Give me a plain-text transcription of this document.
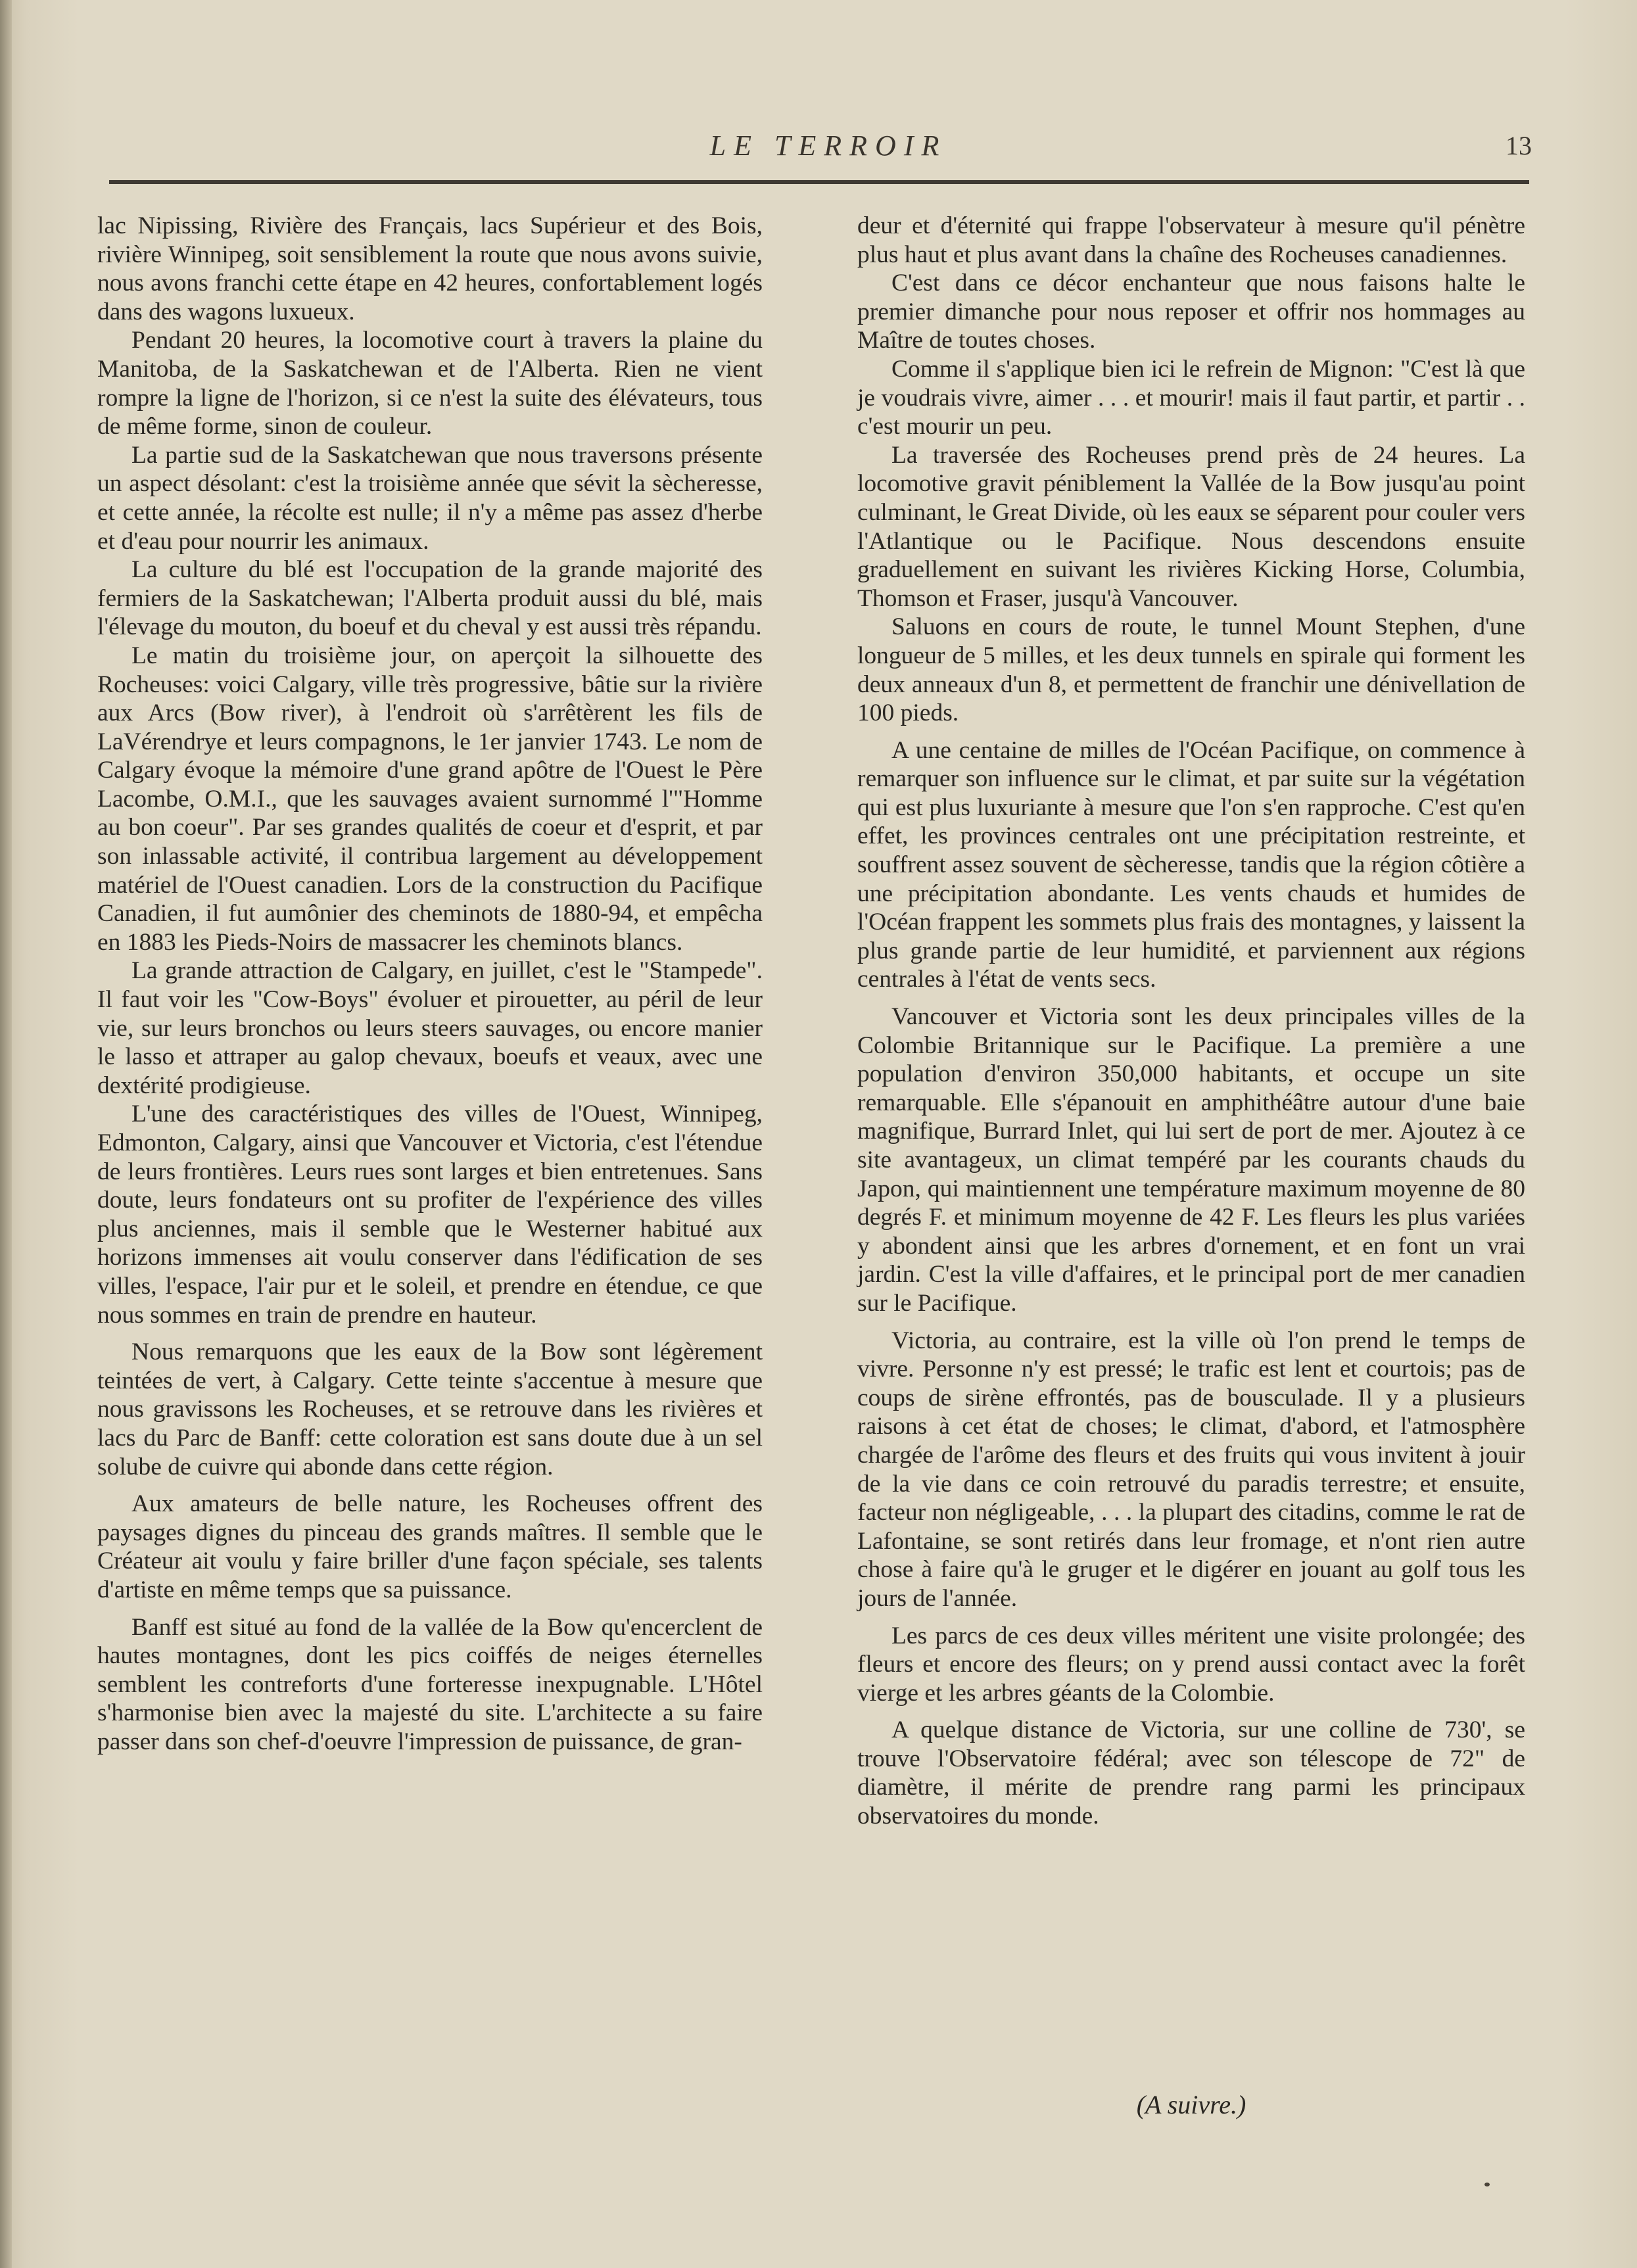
LE TERROIR	13

lac Nipissing, Rivière des Français, lacs Supérieur et des Bois, rivière Winnipeg, soit sensiblement la route que nous avons suivie, nous avons franchi cette étape en 42 heures, confortablement logés dans des wagons luxueux.

Pendant 20 heures, la locomotive court à travers la plaine du Manitoba, de la Saskatchewan et de l'Alberta. Rien ne vient rompre la ligne de l'horizon, si ce n'est la suite des élévateurs, tous de même forme, sinon de couleur.

La partie sud de la Saskatchewan que nous traversons présente un aspect désolant: c'est la troisième année que sévit la sècheresse, et cette année, la récolte est nulle; il n'y a même pas assez d'herbe et d'eau pour nourrir les animaux.

La culture du blé est l'occupation de la grande majorité des fermiers de la Saskatchewan; l'Alberta produit aussi du blé, mais l'élevage du mouton, du boeuf et du cheval y est aussi très répandu.

Le matin du troisième jour, on aperçoit la silhouette des Rocheuses: voici Calgary, ville très progressive, bâtie sur la rivière aux Arcs (Bow river), à l'endroit où s'arrêtèrent les fils de LaVérendrye et leurs compagnons, le 1er janvier 1743. Le nom de Calgary évoque la mémoire d'une grand apôtre de l'Ouest le Père Lacombe, O.M.I., que les sauvages avaient surnommé l'"Homme au bon coeur". Par ses grandes qualités de coeur et d'esprit, et par son inlassable activité, il contribua largement au développement matériel de l'Ouest canadien. Lors de la construction du Pacifique Canadien, il fut aumônier des cheminots de 1880-94, et empêcha en 1883 les Pieds-Noirs de massacrer les cheminots blancs.

La grande attraction de Calgary, en juillet, c'est le "Stampede". Il faut voir les "Cow-Boys" évoluer et pirouetter, au péril de leur vie, sur leurs bronchos ou leurs steers sauvages, ou encore manier le lasso et attraper au galop chevaux, boeufs et veaux, avec une dextérité prodigieuse.

L'une des caractéristiques des villes de l'Ouest, Winnipeg, Edmonton, Calgary, ainsi que Vancouver et Victoria, c'est l'étendue de leurs frontières. Leurs rues sont larges et bien entretenues. Sans doute, leurs fondateurs ont su profiter de l'expérience des villes plus anciennes, mais il semble que le Westerner habitué aux horizons immenses ait voulu conserver dans l'édification de ses villes, l'espace, l'air pur et le soleil, et prendre en étendue, ce que nous sommes en train de prendre en hauteur.

Nous remarquons que les eaux de la Bow sont légèrement teintées de vert, à Calgary. Cette teinte s'accentue à mesure que nous gravissons les Rocheuses, et se retrouve dans les rivières et lacs du Parc de Banff: cette coloration est sans doute due à un sel solube de cuivre qui abonde dans cette région.

Aux amateurs de belle nature, les Rocheuses offrent des paysages dignes du pinceau des grands maîtres. Il semble que le Créateur ait voulu y faire briller d'une façon spéciale, ses talents d'artiste en même temps que sa puissance.

Banff est situé au fond de la vallée de la Bow qu'encerclent de hautes montagnes, dont les pics coiffés de neiges éternelles semblent les contreforts d'une forteresse inexpugnable. L'Hôtel s'harmonise bien avec la majesté du site. L'architecte a su faire passer dans son chef-d'oeuvre l'impression de puissance, de gran-

deur et d'éternité qui frappe l'observateur à mesure qu'il pénètre plus haut et plus avant dans la chaîne des Rocheuses canadiennes.

C'est dans ce décor enchanteur que nous faisons halte le premier dimanche pour nous reposer et offrir nos hommages au Maître de toutes choses.

Comme il s'applique bien ici le refrein de Mignon: "C'est là que je voudrais vivre, aimer . . . et mourir! mais il faut partir, et partir . . c'est mourir un peu.

La traversée des Rocheuses prend près de 24 heures. La locomotive gravit péniblement la Vallée de la Bow jusqu'au point culminant, le Great Divide, où les eaux se séparent pour couler vers l'Atlantique ou le Pacifique. Nous descendons ensuite graduellement en suivant les rivières Kicking Horse, Columbia, Thomson et Fraser, jusqu'à Vancouver.

Saluons en cours de route, le tunnel Mount Stephen, d'une longueur de 5 milles, et les deux tunnels en spirale qui forment les deux anneaux d'un 8, et permettent de franchir une dénivellation de 100 pieds.

A une centaine de milles de l'Océan Pacifique, on commence à remarquer son influence sur le climat, et par suite sur la végétation qui est plus luxuriante à mesure que l'on s'en rapproche. C'est qu'en effet, les provinces centrales ont une précipitation restreinte, et souffrent assez souvent de sècheresse, tandis que la région côtière a une précipitation abondante. Les vents chauds et humides de l'Océan frappent les sommets plus frais des montagnes, y laissent la plus grande partie de leur humidité, et parviennent aux régions centrales à l'état de vents secs.

Vancouver et Victoria sont les deux principales villes de la Colombie Britannique sur le Pacifique. La première a une population d'environ 350,000 habitants, et occupe un site remarquable. Elle s'épanouit en amphithéâtre autour d'une baie magnifique, Burrard Inlet, qui lui sert de port de mer. Ajoutez à ce site avantageux, un climat tempéré par les courants chauds du Japon, qui maintiennent une température maximum moyenne de 80 degrés F. et minimum moyenne de 42 F. Les fleurs les plus variées y abondent ainsi que les arbres d'ornement, et en font un vrai jardin. C'est la ville d'affaires, et le principal port de mer canadien sur le Pacifique.

Victoria, au contraire, est la ville où l'on prend le temps de vivre. Personne n'y est pressé; le trafic est lent et courtois; pas de coups de sirène effrontés, pas de bousculade. Il y a plusieurs raisons à cet état de choses; le climat, d'abord, et l'atmosphère chargée de l'arôme des fleurs et des fruits qui vous invitent à jouir de la vie dans ce coin retrouvé du paradis terrestre; et ensuite, facteur non négligeable, . . . la plupart des citadins, comme le rat de Lafontaine, se sont retirés dans leur fromage, et n'ont rien autre chose à faire qu'à le gruger et le digérer en jouant au golf tous les jours de l'année.

Les parcs de ces deux villes méritent une visite prolongée; des fleurs et encore des fleurs; on y prend aussi contact avec la forêt vierge et les arbres géants de la Colombie.

A quelque distance de Victoria, sur une colline de 730', se trouve l'Observatoire fédéral; avec son télescope de 72" de diamètre, il mérite de prendre rang parmi les principaux observatoires du monde.

(A suivre.)
